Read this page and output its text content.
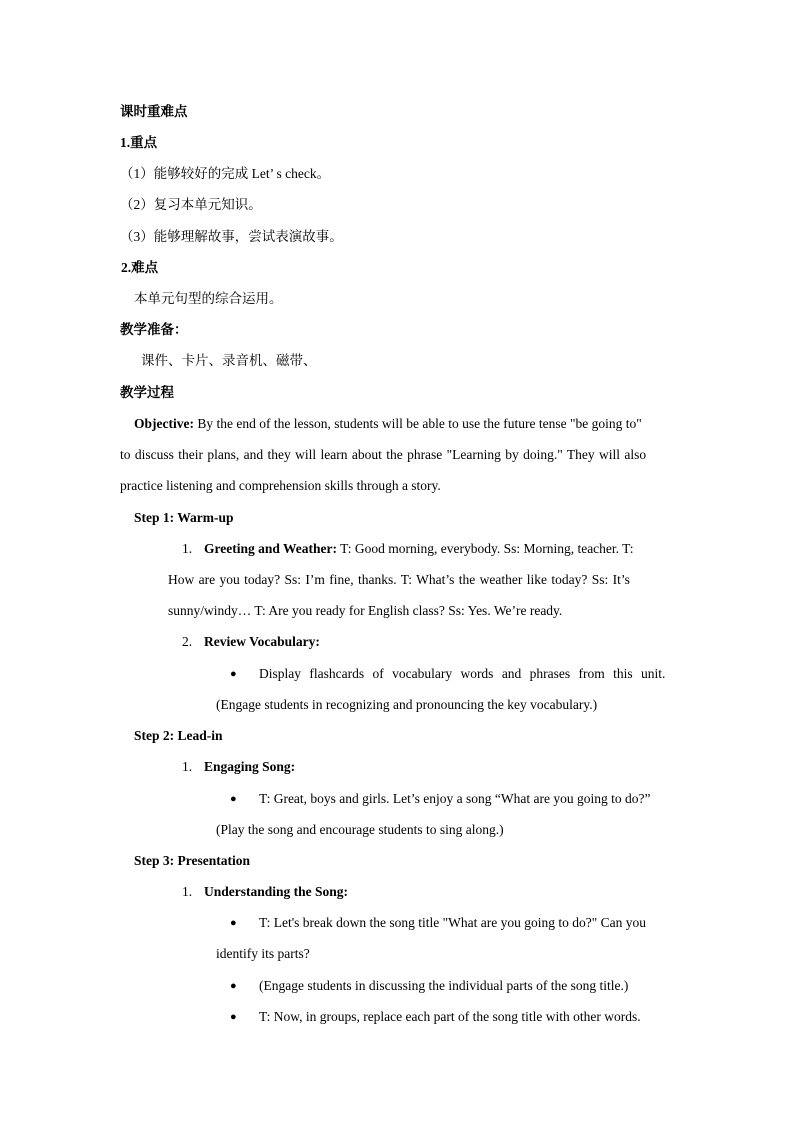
课时重难点
1.重点
（1）能够较好的完成 Let’ s check。
（2）复习本单元知识。
（3）能够理解故事，尝试表演故事。
2.难点
本单元句型的综合运用。
教学准备：
课件、卡片、录音机、磁带、
教学过程
Objective: By the end of the lesson, students will be able to use the future tense "be going to"
to discuss their plans, and they will learn about the phrase "Learning by doing." They will also
practice listening and comprehension skills through a story.
Step 1: Warm-up
1. Greeting and Weather: T: Good morning, everybody. Ss: Morning, teacher. T:
How are you today? Ss: I’m fine, thanks. T: What’s the weather like today? Ss: It’s
sunny/windy… T: Are you ready for English class? Ss: Yes. We’re ready.
2. Review Vocabulary:
● Display flashcards of vocabulary words and phrases from this unit.
(Engage students in recognizing and pronouncing the key vocabulary.)
Step 2: Lead-in
1. Engaging Song:
● T: Great, boys and girls. Let’s enjoy a song “What are you going to do?”
(Play the song and encourage students to sing along.)
Step 3: Presentation
1. Understanding the Song:
● T: Let's break down the song title "What are you going to do?" Can you
identify its parts?
● (Engage students in discussing the individual parts of the song title.)
● T: Now, in groups, replace each part of the song title with other words.
